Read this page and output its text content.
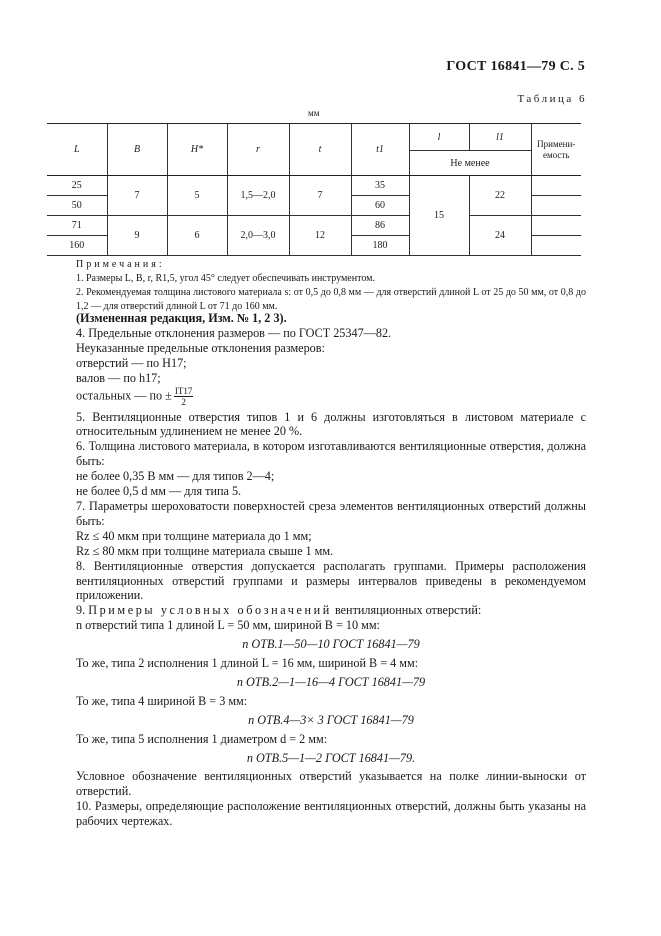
ГОСТ 16841—79 С. 5
Таблица 6
мм
L	B	H*	r	t	t1	l	l1	Примени- емость
						Не менее		
25	7	5	1,5—2,0	7	35	15	22	
50					60			
71	9	6	2,0—3,0	12	86		24	
160					180			

Примечания:

1. Размеры L, B, r, R1,5, угол 45° следует обеспечивать инструментом.

2. Рекомендуемая толщина листового материала s: от 0,5 до 0,8 мм — для отверстий длиной L от 25 до 50 мм, от 0,8 до 1,2 — для отверстий длиной L от 71 до 160 мм.

(Измененная редакция, Изм. № 1, 2 3).

4. Предельные отклонения размеров — по ГОСТ 25347—82.

Неуказанные предельные отклонения размеров:

отверстий — по Н17;

валов — по h17;

остальных — по ± $\frac{IT17}{2}$

5. Вентиляционные отверстия типов 1 и 6 должны изготовляться в листовом материале с относительным удлинением не менее 20 %.

6. Толщина листового материала, в котором изготавливаются вентиляционные отверстия, должна быть:

не более 0,35 B мм — для типов 2—4;

не более 0,5 d мм — для типа 5.

7. Параметры шероховатости поверхностей среза элементов вентиляционных отверстий должны быть:

Rz ≤ 40 мкм при толщине материала до 1 мм;

Rz ≤ 80 мкм при толщине материала свыше 1 мм.

8. Вентиляционные отверстия допускается располагать группами. Примеры расположения вентиляционных отверстий группами и размеры интервалов приведены в рекомендуемом приложении.

9. Примеры условных обозначений вентиляционных отверстий:

n отверстий типа 1 длиной L = 50 мм, шириной B = 10 мм:

n ОТВ.1—50—10 ГОСТ 16841—79

То же, типа 2 исполнения 1 длиной L = 16 мм, шириной B = 4 мм:

n ОТВ.2—1—16—4 ГОСТ 16841—79

То же, типа 4 шириной B = 3 мм:

n ОТВ.4—3× 3 ГОСТ 16841—79

То же, типа 5 исполнения 1 диаметром d = 2 мм:

n ОТВ.5—1—2 ГОСТ 16841—79.

Условное обозначение вентиляционных отверстий указывается на полке линии-выноски от отверстий.

10. Размеры, определяющие расположение вентиляционных отверстий, должны быть указаны на рабочих чертежах.
